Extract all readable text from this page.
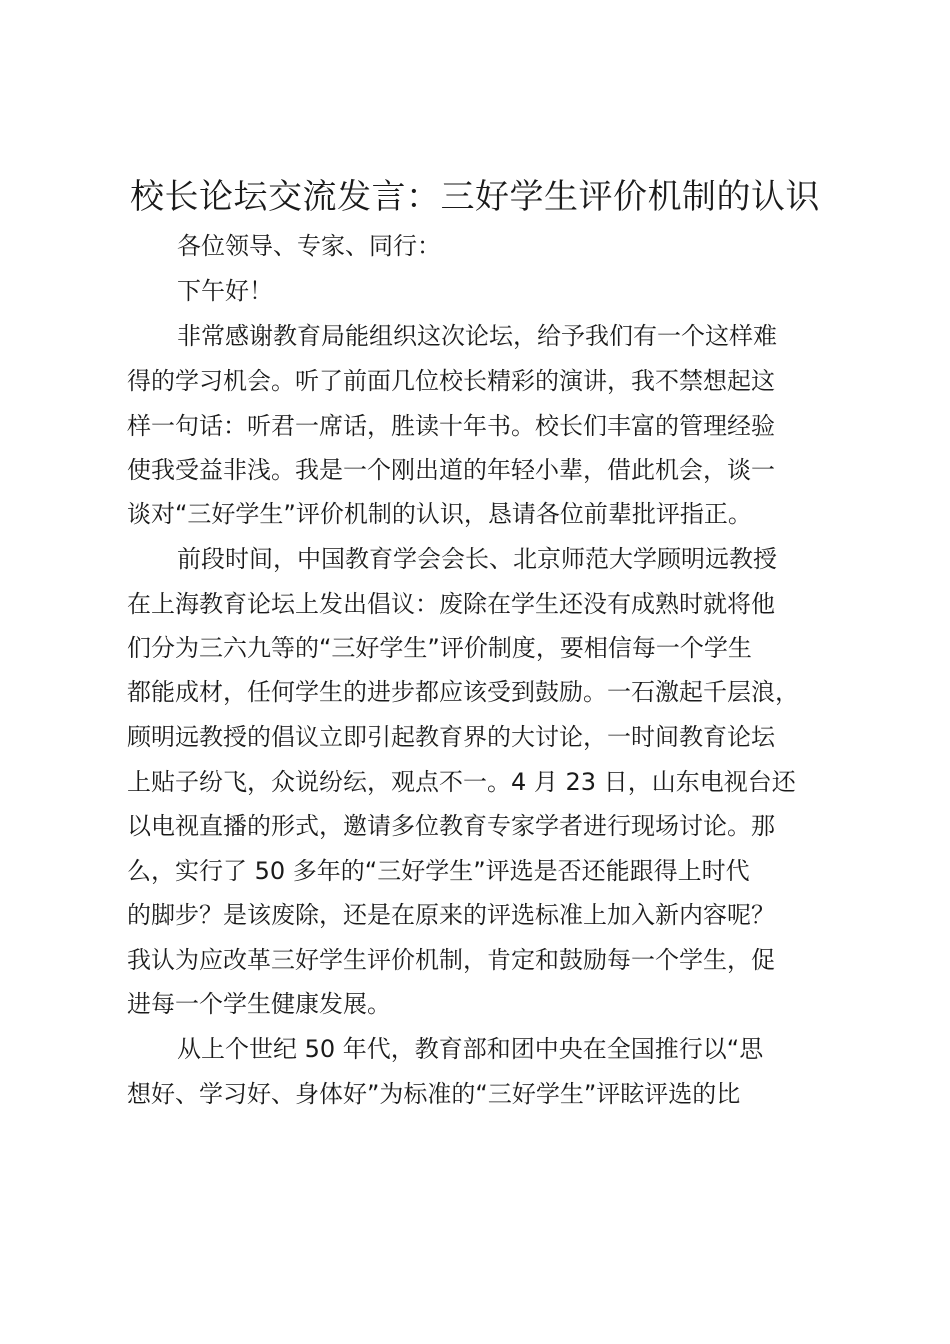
校长论坛交流发言：三好学生评价机制的认识
各位领导、专家、同行：
下午好！
非常感谢教育局能组织这次论坛，给予我们有一个这样难
得的学习机会。听了前面几位校长精彩的演讲，我不禁想起这
样一句话：听君一席话，胜读十年书。校长们丰富的管理经验
使我受益非浅。我是一个刚出道的年轻小辈，借此机会，谈一
谈对“三好学生”评价机制的认识，恳请各位前辈批评指正。
前段时间，中国教育学会会长、北京师范大学顾明远教授
在上海教育论坛上发出倡议：废除在学生还没有成熟时就将他
们分为三六九等的“三好学生”评价制度，要相信每一个学生
都能成材，任何学生的进步都应该受到鼓励。一石激起千层浪，
顾明远教授的倡议立即引起教育界的大讨论，一时间教育论坛
上贴子纷飞，众说纷纭，观点不一。4 月 23 日，山东电视台还
以电视直播的形式，邀请多位教育专家学者进行现场讨论。那
么，实行了 50 多年的“三好学生”评选是否还能跟得上时代
的脚步？是该废除，还是在原来的评选标准上加入新内容呢？
我认为应改革三好学生评价机制，肯定和鼓励每一个学生，促
进每一个学生健康发展。
从上个世纪 50 年代，教育部和团中央在全国推行以“思
想好、学习好、身体好”为标准的“三好学生”评眩评选的比
